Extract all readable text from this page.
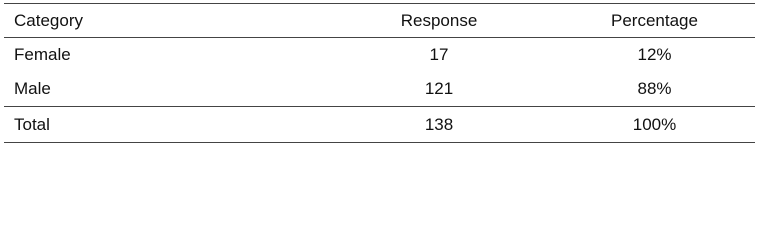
Category	Response	Percentage
Female	17	12%
Male	121	88%
Total	138	100%
